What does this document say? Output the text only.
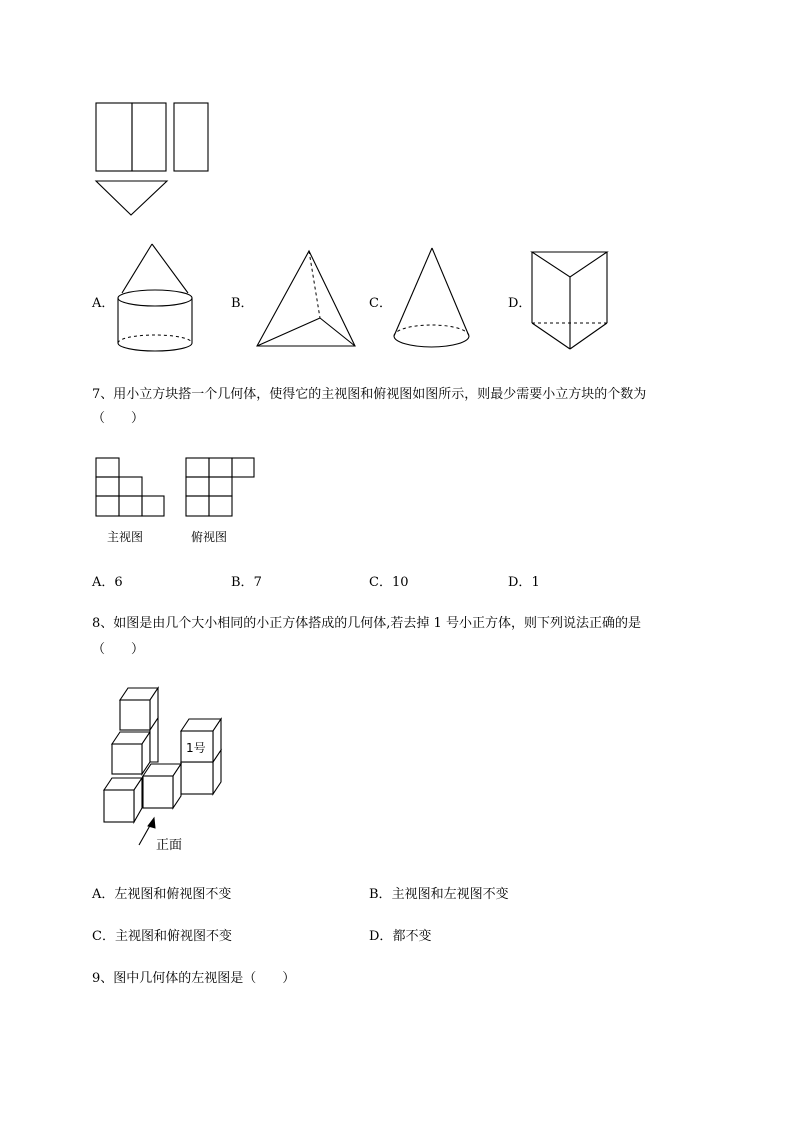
A．	B．	C．	D．
7、用小立方块搭一个几何体，使得它的主视图和俯视图如图所示，则最少需要小立方块的个数为
（　　）
主视图	俯视图
A．6	B．7	C．10	D．1
8、如图是由几个大小相同的小正方体搭成的几何体,若去掉 1 号小正方体，则下列说法正确的是
（　　）
1号
正面
A．左视图和俯视图不变	B．主视图和左视图不变
C．主视图和俯视图不变	D．都不变
9、图中几何体的左视图是（　　）
